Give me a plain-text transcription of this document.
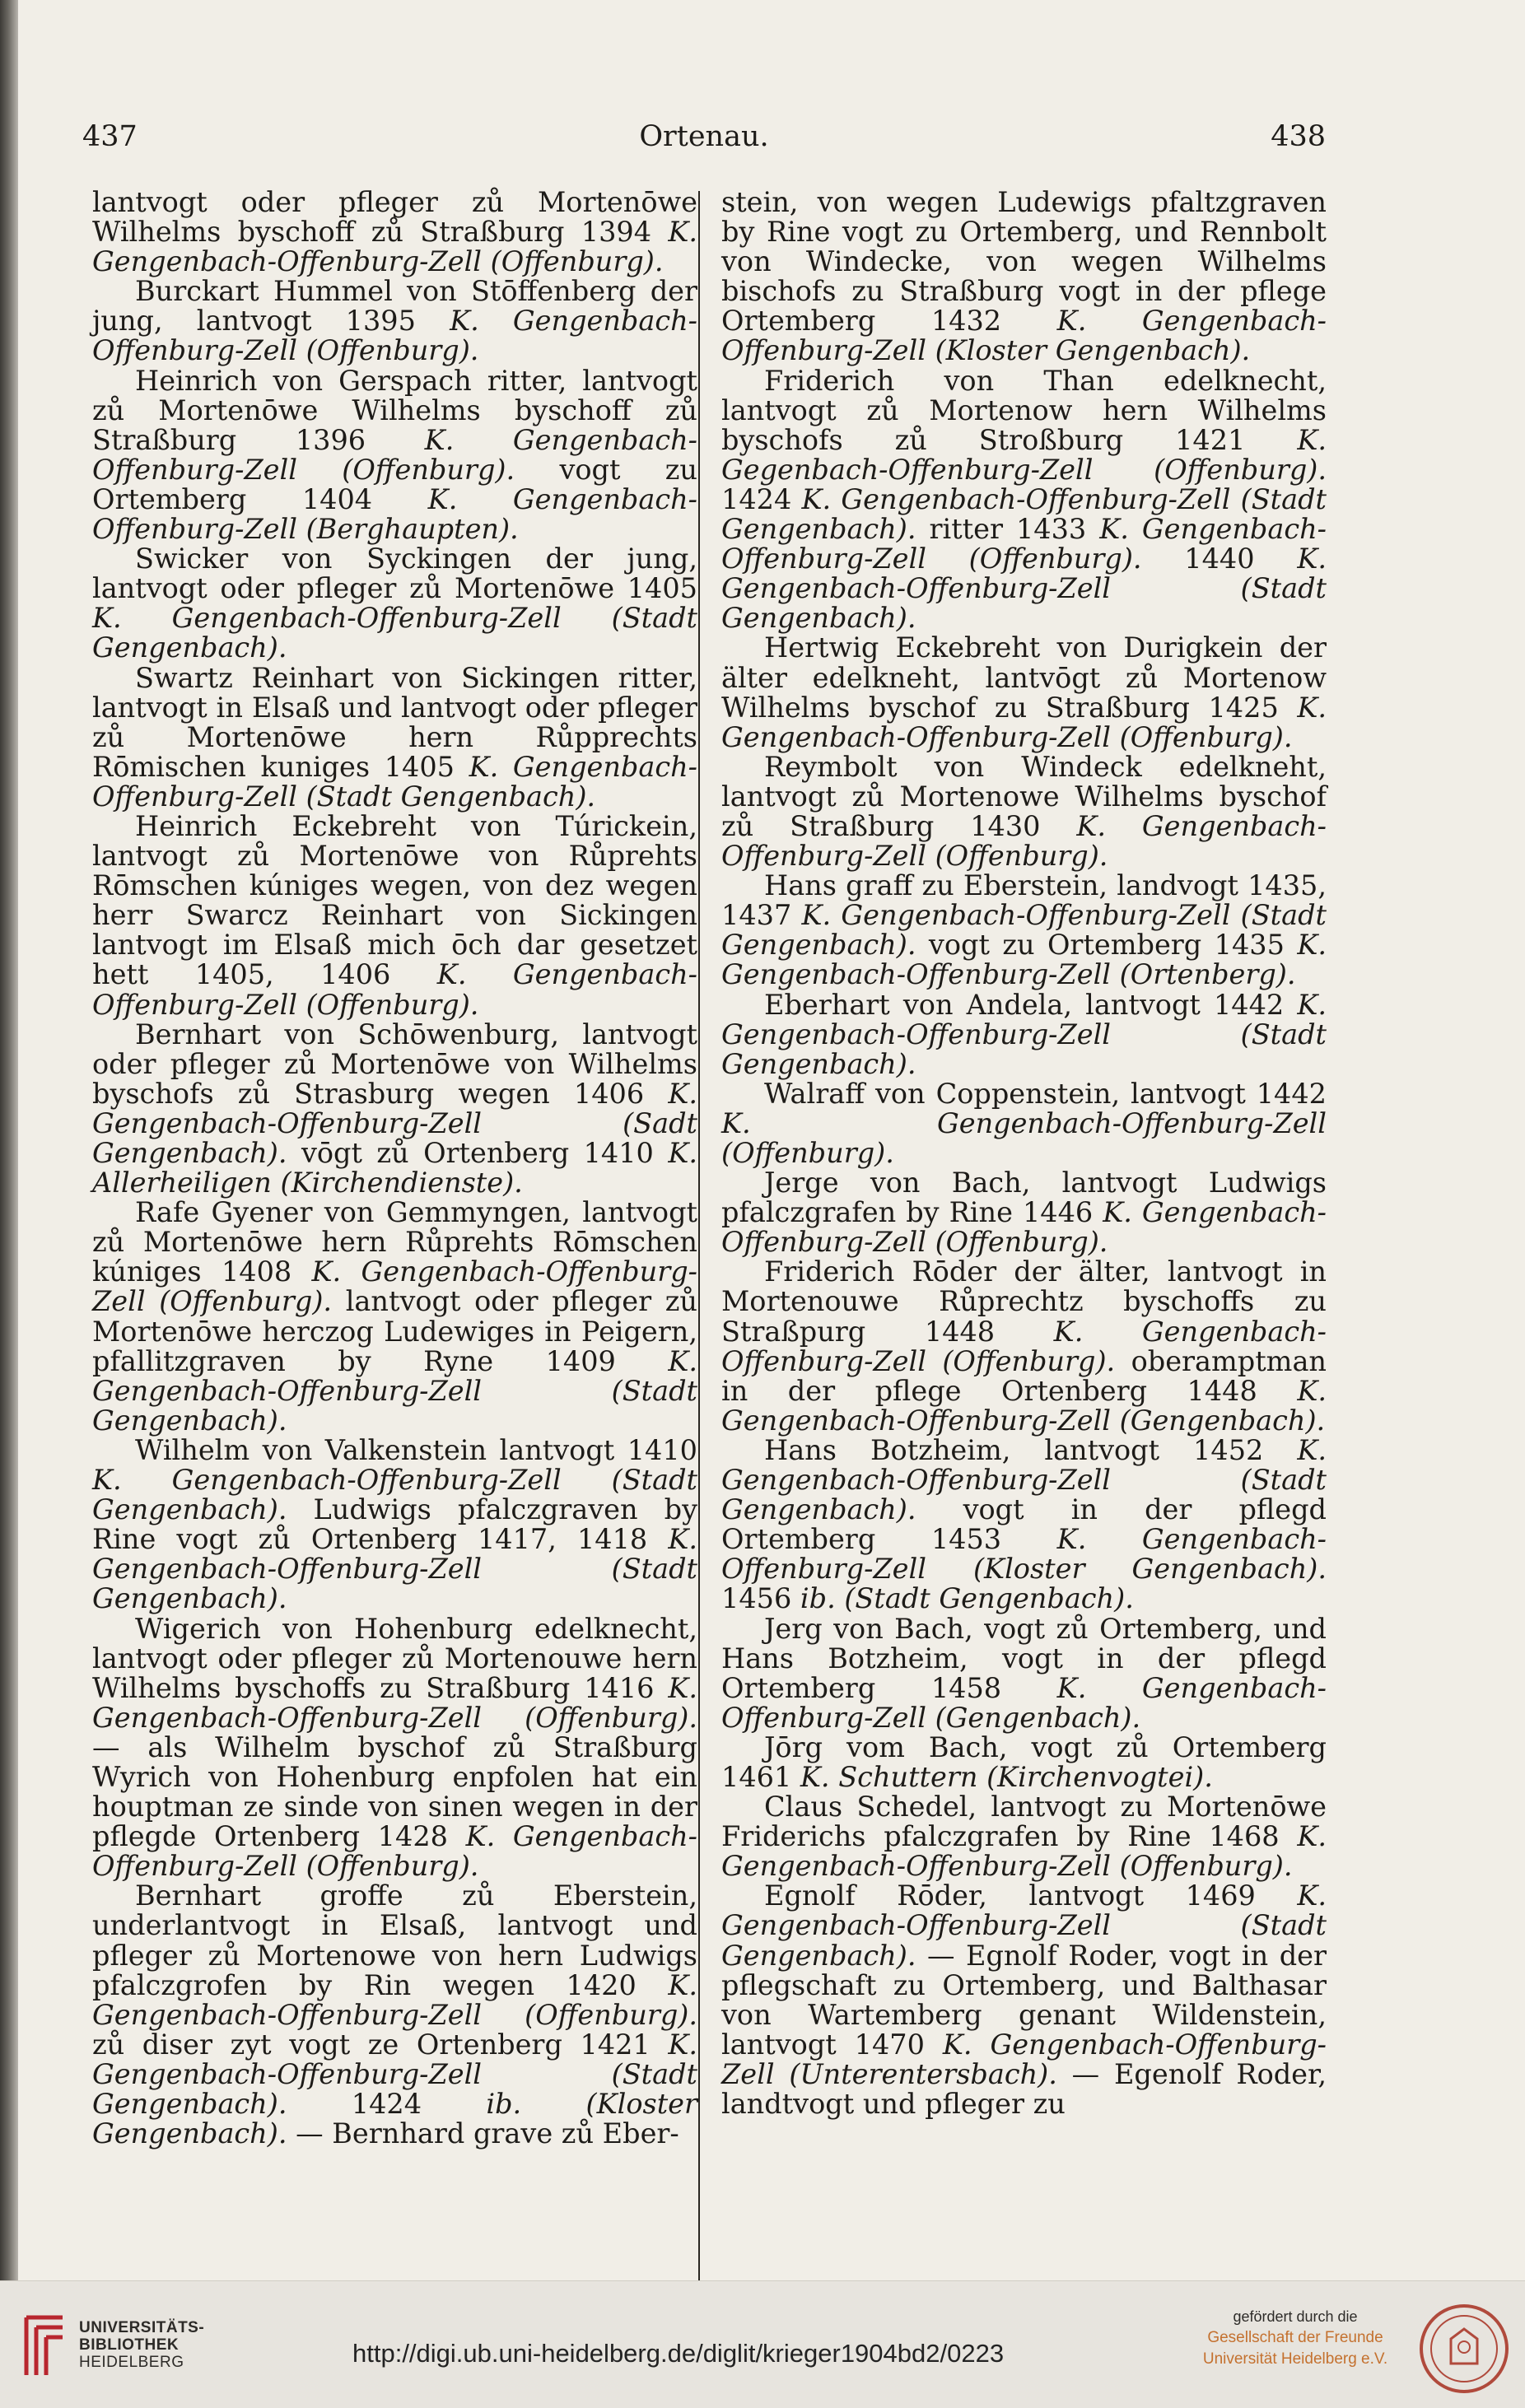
437	Ortenau.	438

lantvogt oder pfleger zů Mortenōwe Wilhelms byschoff zů Straßburg 1394 K. Gengenbach-Offenburg-Zell (Offenburg).

Burckart Hummel von Stōffenberg der jung, lantvogt 1395 K. Gengenbach-Offenburg-Zell (Offenburg).

Heinrich von Gerspach ritter, lantvogt zů Mortenōwe Wilhelms byschoff zů Straßburg 1396 K. Gengenbach-Offenburg-Zell (Offenburg). vogt zu Ortemberg 1404 K. Gengenbach-Offenburg-Zell (Berghaupten).

Swicker von Syckingen der jung, lantvogt oder pfleger zů Mortenōwe 1405 K. Gengenbach-Offenburg-Zell (Stadt Gengenbach).

Swartz Reinhart von Sickingen ritter, lantvogt in Elsaß und lantvogt oder pfleger zů Mortenōwe hern Růpprechts Rōmischen kuniges 1405 K. Gengenbach-Offenburg-Zell (Stadt Gengenbach).

Heinrich Eckebreht von Túrickein, lantvogt zů Mortenōwe von Růprehts Rōmschen kúniges wegen, von dez wegen herr Swarcz Reinhart von Sickingen lantvogt im Elsaß mich ōch dar gesetzet hett 1405, 1406 K. Gengenbach-Offenburg-Zell (Offenburg).

Bernhart von Schōwenburg, lantvogt oder pfleger zů Mortenōwe von Wilhelms byschofs zů Strasburg wegen 1406 K. Gengenbach-Offenburg-Zell (Sadt Gengenbach). vōgt zů Ortenberg 1410 K. Allerheiligen (Kirchendienste).

Rafe Gyener von Gemmyngen, lantvogt zů Mortenōwe hern Růprehts Rōmschen kúniges 1408 K. Gengenbach-Offenburg-Zell (Offenburg). lantvogt oder pfleger zů Mortenōwe herczog Ludewiges in Peigern, pfallitzgraven by Ryne 1409 K. Gengenbach-Offenburg-Zell (Stadt Gengenbach).

Wilhelm von Valkenstein lantvogt 1410 K. Gengenbach-Offenburg-Zell (Stadt Gengenbach). Ludwigs pfalczgraven by Rine vogt zů Ortenberg 1417, 1418 K. Gengenbach-Offenburg-Zell (Stadt Gengenbach).

Wigerich von Hohenburg edelknecht, lantvogt oder pfleger zů Mortenouwe hern Wilhelms byschoffs zu Straßburg 1416 K. Gengenbach-Offenburg-Zell (Offenburg). — als Wilhelm byschof zů Straßburg Wyrich von Hohenburg enpfolen hat ein houptman ze sinde von sinen wegen in der pflegde Ortenberg 1428 K. Gengenbach-Offenburg-Zell (Offenburg).

Bernhart groffe zů Eberstein, underlantvogt in Elsaß, lantvogt und pfleger zů Mortenowe von hern Ludwigs pfalczgrofen by Rin wegen 1420 K. Gengenbach-Offenburg-Zell (Offenburg). zů diser zyt vogt ze Ortenberg 1421 K. Gengenbach-Offenburg-Zell (Stadt Gengenbach). 1424 ib. (Kloster Gengenbach). — Bernhard grave zů Eber-

stein, von wegen Ludewigs pfaltzgraven by Rine vogt zu Ortemberg, und Rennbolt von Windecke, von wegen Wilhelms bischofs zu Straßburg vogt in der pflege Ortemberg 1432 K. Gengenbach-Offenburg-Zell (Kloster Gengenbach).

Friderich von Than edelknecht, lantvogt zů Mortenow hern Wilhelms byschofs zů Stroßburg 1421 K. Gegenbach-Offenburg-Zell (Offenburg). 1424 K. Gengenbach-Offenburg-Zell (Stadt Gengenbach). ritter 1433 K. Gengenbach-Offenburg-Zell (Offenburg). 1440 K. Gengenbach-Offenburg-Zell (Stadt Gengenbach).

Hertwig Eckebreht von Durigkein der älter edelkneht, lantvōgt zů Mortenow Wilhelms byschof zu Straßburg 1425 K. Gengenbach-Offenburg-Zell (Offenburg).

Reymbolt von Windeck edelkneht, lantvogt zů Mortenowe Wilhelms byschof zů Straßburg 1430 K. Gengenbach-Offenburg-Zell (Offenburg).

Hans graff zu Eberstein, landvogt 1435, 1437 K. Gengenbach-Offenburg-Zell (Stadt Gengenbach). vogt zu Ortemberg 1435 K. Gengenbach-Offenburg-Zell (Ortenberg).

Eberhart von Andela, lantvogt 1442 K. Gengenbach-Offenburg-Zell (Stadt Gengenbach).

Walraff von Coppenstein, lantvogt 1442 K. Gengenbach-Offenburg-Zell (Offenburg).

Jerge von Bach, lantvogt Ludwigs pfalczgrafen by Rine 1446 K. Gengenbach-Offenburg-Zell (Offenburg).

Friderich Rōder der älter, lantvogt in Mortenouwe Růprechtz byschoffs zu Straßpurg 1448 K. Gengenbach-Offenburg-Zell (Offenburg). oberamptman in der pflege Ortenberg 1448 K. Gengenbach-Offenburg-Zell (Gengenbach).

Hans Botzheim, lantvogt 1452 K. Gengenbach-Offenburg-Zell (Stadt Gengenbach). vogt in der pflegd Ortemberg 1453 K. Gengenbach-Offenburg-Zell (Kloster Gengenbach). 1456 ib. (Stadt Gengenbach).

Jerg von Bach, vogt zů Ortemberg, und Hans Botzheim, vogt in der pflegd Ortemberg 1458 K. Gengenbach-Offenburg-Zell (Gengenbach).

Jōrg vom Bach, vogt zů Ortemberg 1461 K. Schuttern (Kirchenvogtei).

Claus Schedel, lantvogt zu Mortenōwe Friderichs pfalczgrafen by Rine 1468 K. Gengenbach-Offenburg-Zell (Offenburg).

Egnolf Rōder, lantvogt 1469 K. Gengenbach-Offenburg-Zell (Stadt Gengenbach). — Egnolf Roder, vogt in der pflegschaft zu Ortemberg, und Balthasar von Wartemberg genant Wildenstein, lantvogt 1470 K. Gengenbach-Offenburg-Zell (Unterentersbach). — Egenolf Roder, landtvogt und pfleger zu

UNIVERSITÄTS-
BIBLIOTHEK
HEIDELBERG	http://digi.ub.uni-heidelberg.de/diglit/krieger1904bd2/0223
gefördert durch die
Gesellschaft der Freunde
Universität Heidelberg e.V.
